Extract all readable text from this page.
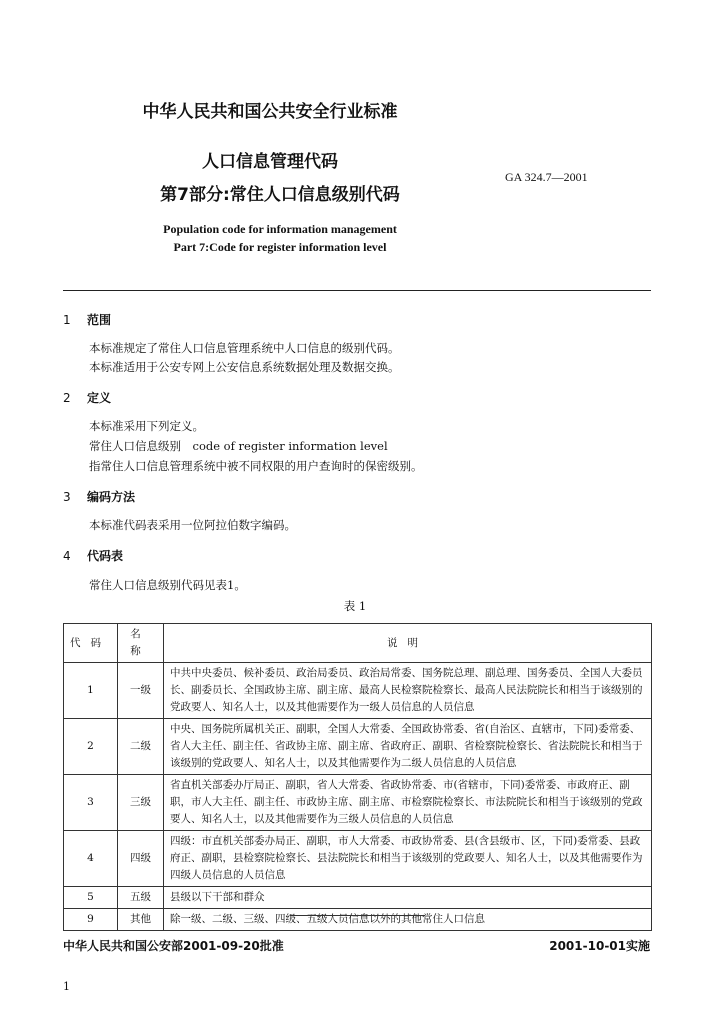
中华人民共和国公共安全行业标准
人口信息管理代码
第7部分:常住人口信息级别代码
GA 324.7—2001
Population code for information management
Part 7:Code for register information level
1 范围
本标准规定了常住人口信息管理系统中人口信息的级别代码。
本标准适用于公安专网上公安信息系统数据处理及数据交换。
2 定义
本标准采用下列定义。
常住人口信息级别　code of register information level
指常住人口信息管理系统中被不同权限的用户查询时的保密级别。
3 编码方法
本标准代码表采用一位阿拉伯数字编码。
4 代码表
常住人口信息级别代码见表1。
表 1
代码	名称	说明
1	一级	中共中央委员、候补委员、政治局委员、政治局常委、国务院总理、副总理、国务委员、全国人大委员长、副委员长、全国政协主席、副主席、最高人民检察院检察长、最高人民法院院长和相当于该级别的党政要人、知名人士，以及其他需要作为一级人员信息的人员信息
2	二级	中央、国务院所属机关正、副职，全国人大常委、全国政协常委、省(自治区、直辖市，下同)委常委、省人大主任、副主任、省政协主席、副主席、省政府正、副职、省检察院检察长、省法院院长和相当于该级别的党政要人、知名人士，以及其他需要作为二级人员信息的人员信息
3	三级	省直机关部委办厅局正、副职，省人大常委、省政协常委、市(省辖市，下同)委常委、市政府正、副职，市人大主任、副主任、市政协主席、副主席、市检察院检察长、市法院院长和相当于该级别的党政要人、知名人士，以及其他需要作为三级人员信息的人员信息
4	四级	四级：市直机关部委办局正、副职，市人大常委、市政协常委、县(含县级市、区，下同)委常委、县政府正、副职，县检察院检察长、县法院院长和相当于该级别的党政要人、知名人士，以及其他需要作为四级人员信息的人员信息
5	五级	县级以下干部和群众
9	其他	除一级、二级、三级、四级、五级人员信息以外的其他常住人口信息
中华人民共和国公安部2001-09-20批准	2001-10-01实施
1
